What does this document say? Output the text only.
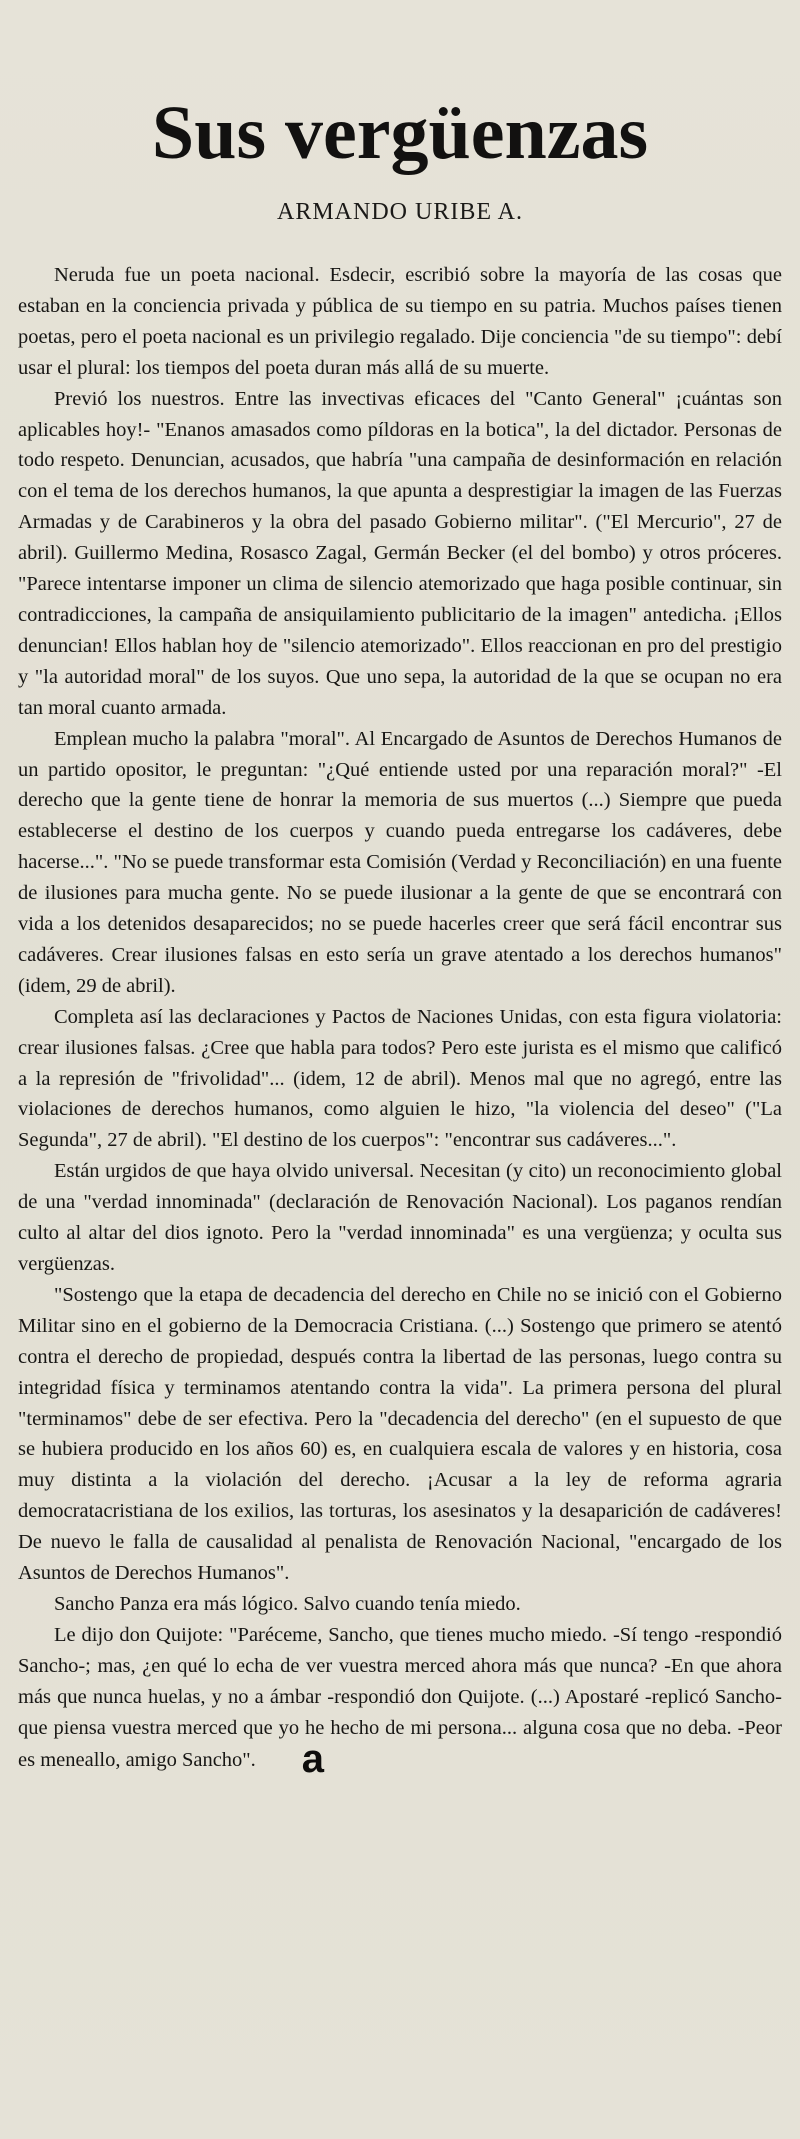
Sus vergüenzas
ARMANDO URIBE A.

Neruda fue un poeta nacional. Esdecir, escribió sobre la mayoría de las cosas que estaban en la conciencia privada y pública de su tiempo en su patria. Muchos países tienen poetas, pero el poeta nacional es un privilegio regalado. Dije conciencia "de su tiempo": debí usar el plural: los tiempos del poeta duran más allá de su muerte.

Previó los nuestros. Entre las invectivas eficaces del "Canto General" ¡cuántas son aplicables hoy!- "Enanos amasados como píldoras en la botica", la del dictador. Personas de todo respeto. Denuncian, acusados, que habría "una campaña de desinformación en relación con el tema de los derechos humanos, la que apunta a desprestigiar la imagen de las Fuerzas Armadas y de Carabineros y la obra del pasado Gobierno militar". ("El Mercurio", 27 de abril). Guillermo Medina, Rosasco Zagal, Germán Becker (el del bombo) y otros próceres. "Parece intentarse imponer un clima de silencio atemorizado que haga posible continuar, sin contradicciones, la campaña de ansiquilamiento publicitario de la imagen" antedicha. ¡Ellos denuncian! Ellos hablan hoy de "silencio atemorizado". Ellos reaccionan en pro del prestigio y "la autoridad moral" de los suyos. Que uno sepa, la autoridad de la que se ocupan no era tan moral cuanto armada.

Emplean mucho la palabra "moral". Al Encargado de Asuntos de Derechos Humanos de un partido opositor, le preguntan: "¿Qué entiende usted por una reparación moral?" -El derecho que la gente tiene de honrar la memoria de sus muertos (...) Siempre que pueda establecerse el destino de los cuerpos y cuando pueda entregarse los cadáveres, debe hacerse...". "No se puede transformar esta Comisión (Verdad y Reconciliación) en una fuente de ilusiones para mucha gente. No se puede ilusionar a la gente de que se encontrará con vida a los detenidos desaparecidos; no se puede hacerles creer que será fácil encontrar sus cadáveres. Crear ilusiones falsas en esto sería un grave atentado a los derechos humanos" (idem, 29 de abril).

Completa así las declaraciones y Pactos de Naciones Unidas, con esta figura violatoria: crear ilusiones falsas. ¿Cree que habla para todos? Pero este jurista es el mismo que calificó a la represión de "frivolidad"... (idem, 12 de abril). Menos mal que no agregó, entre las violaciones de derechos humanos, como alguien le hizo, "la violencia del deseo" ("La Segunda", 27 de abril). "El destino de los cuerpos": "encontrar sus cadáveres...".

Están urgidos de que haya olvido universal. Necesitan (y cito) un reconocimiento global de una "verdad innominada" (declaración de Renovación Nacional). Los paganos rendían culto al altar del dios ignoto. Pero la "verdad innominada" es una vergüenza; y oculta sus vergüenzas.

"Sostengo que la etapa de decadencia del derecho en Chile no se inició con el Gobierno Militar sino en el gobierno de la Democracia Cristiana. (...) Sostengo que primero se atentó contra el derecho de propiedad, después contra la libertad de las personas, luego contra su integridad física y terminamos atentando contra la vida". La primera persona del plural "terminamos" debe de ser efectiva. Pero la "decadencia del derecho" (en el supuesto de que se hubiera producido en los años 60) es, en cualquiera escala de valores y en historia, cosa muy distinta a la violación del derecho. ¡Acusar a la ley de reforma agraria democratacristiana de los exilios, las torturas, los asesinatos y la desaparición de cadáveres! De nuevo le falla de causalidad al penalista de Renovación Nacional, "encargado de los Asuntos de Derechos Humanos".

Sancho Panza era más lógico. Salvo cuando tenía miedo.

Le dijo don Quijote: "Paréceme, Sancho, que tienes mucho miedo. -Sí tengo -respondió Sancho-; mas, ¿en qué lo echa de ver vuestra merced ahora más que nunca? -En que ahora más que nunca huelas, y no a ámbar -respondió don Quijote. (...) Apostaré -replicó Sancho- que piensa vuestra merced que yo he hecho de mi persona... alguna cosa que no deba. -Peor es meneallo, amigo Sancho". a
